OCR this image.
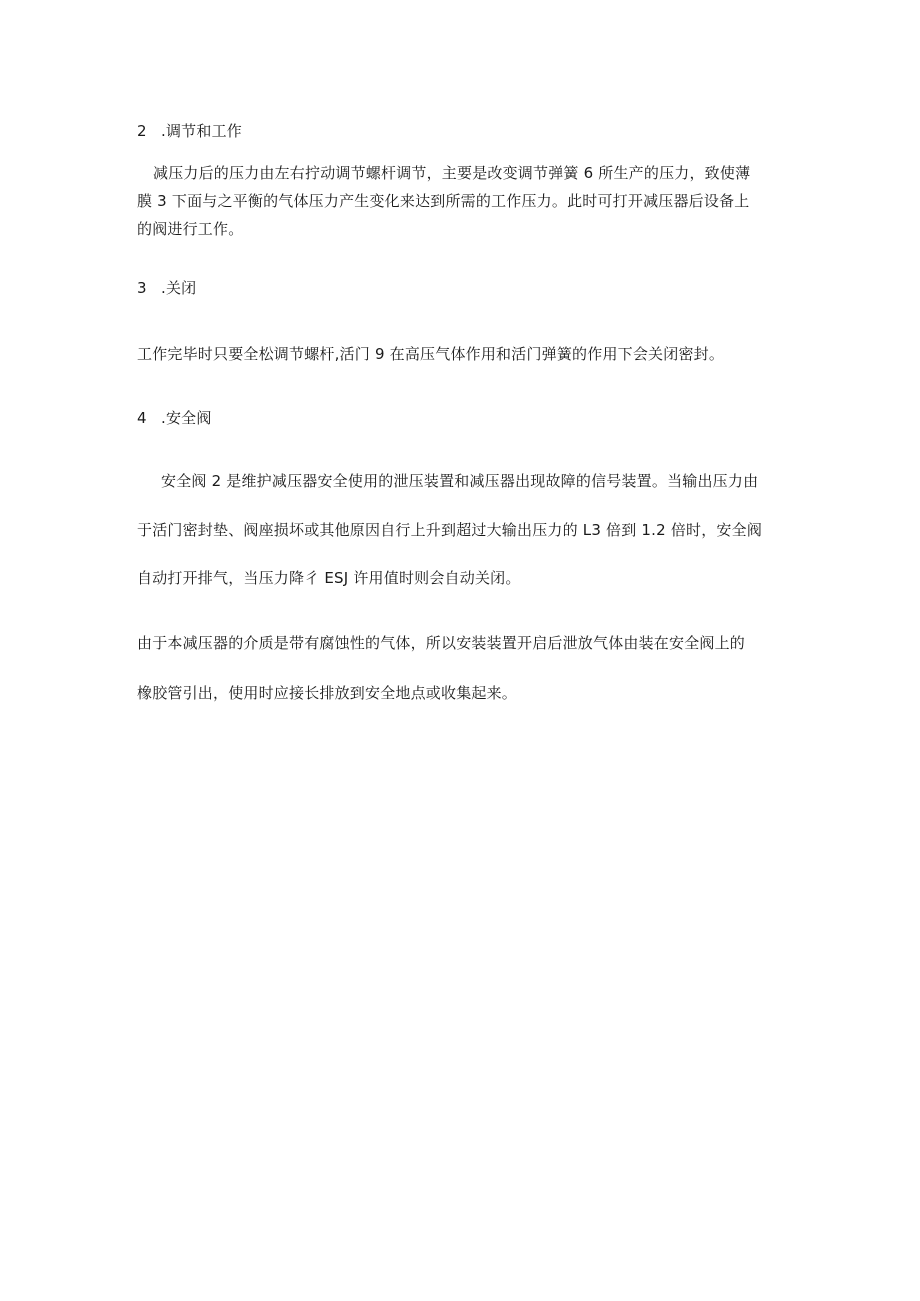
2 .调节和工作
减压力后的压力由左右拧动调节螺杆调节，主要是改变调节弹簧 6 所生产的压力，致使薄
膜 3 下面与之平衡的气体压力产生变化来达到所需的工作压力。此时可打开减压器后设备上
的阀进行工作。
3 .关闭
工作完毕时只要全松调节螺杆,活门 9 在高压气体作用和活门弹簧的作用下会关闭密封。
4 .安全阀
安全阀 2 是维护减压器安全使用的泄压装置和减压器出现故障的信号装置。当输出压力由
于活门密封垫、阀座损坏或其他原因自行上升到超过大输出压力的 L3 倍到 1.2 倍时，安全阀
自动打开排气，当压力降彳 ESJ 许用值时则会自动关闭。
由于本减压器的介质是带有腐蚀性的气体，所以安装装置开启后泄放气体由装在安全阀上的
橡胶管引出，使用时应接长排放到安全地点或收集起来。
